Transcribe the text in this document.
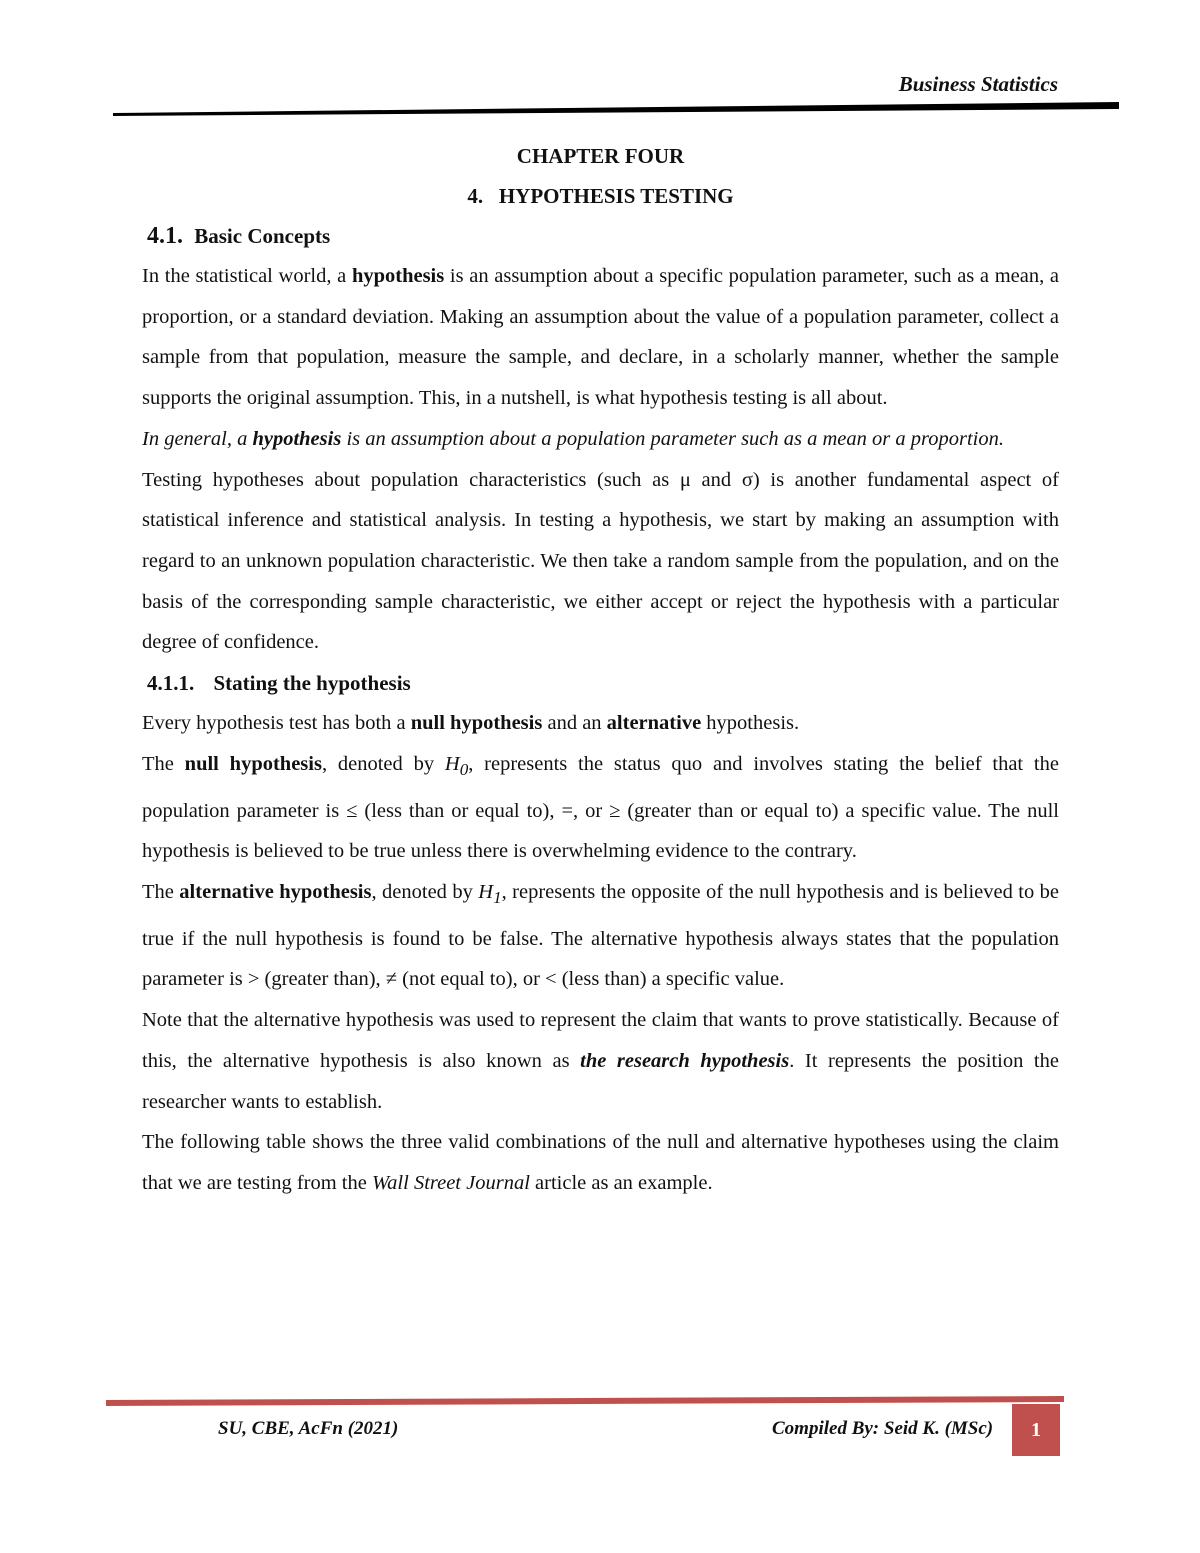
Business Statistics
CHAPTER FOUR
4. HYPOTHESIS TESTING
4.1. Basic Concepts

In the statistical world, a hypothesis is an assumption about a specific population parameter, such as a mean, a proportion, or a standard deviation. Making an assumption about the value of a population parameter, collect a sample from that population, measure the sample, and declare, in a scholarly manner, whether the sample supports the original assumption. This, in a nutshell, is what hypothesis testing is all about.

In general, a hypothesis is an assumption about a population parameter such as a mean or a proportion.

Testing hypotheses about population characteristics (such as μ and σ) is another fundamental aspect of statistical inference and statistical analysis. In testing a hypothesis, we start by making an assumption with regard to an unknown population characteristic. We then take a random sample from the population, and on the basis of the corresponding sample characteristic, we either accept or reject the hypothesis with a particular degree of confidence.

4.1.1. Stating the hypothesis

Every hypothesis test has both a null hypothesis and an alternative hypothesis.

The null hypothesis, denoted by $H_0$, represents the status quo and involves stating the belief that the population parameter is ≤ (less than or equal to), =, or ≥ (greater than or equal to) a specific value. The null hypothesis is believed to be true unless there is overwhelming evidence to the contrary.

The alternative hypothesis, denoted by $H_1$, represents the opposite of the null hypothesis and is believed to be true if the null hypothesis is found to be false. The alternative hypothesis always states that the population parameter is > (greater than), ≠ (not equal to), or < (less than) a specific value.

Note that the alternative hypothesis was used to represent the claim that wants to prove statistically. Because of this, the alternative hypothesis is also known as the research hypothesis. It represents the position the researcher wants to establish.

The following table shows the three valid combinations of the null and alternative hypotheses using the claim that we are testing from the Wall Street Journal article as an example.

SU, CBE, AcFn (2021)	Compiled By: Seid K. (MSc)	1
